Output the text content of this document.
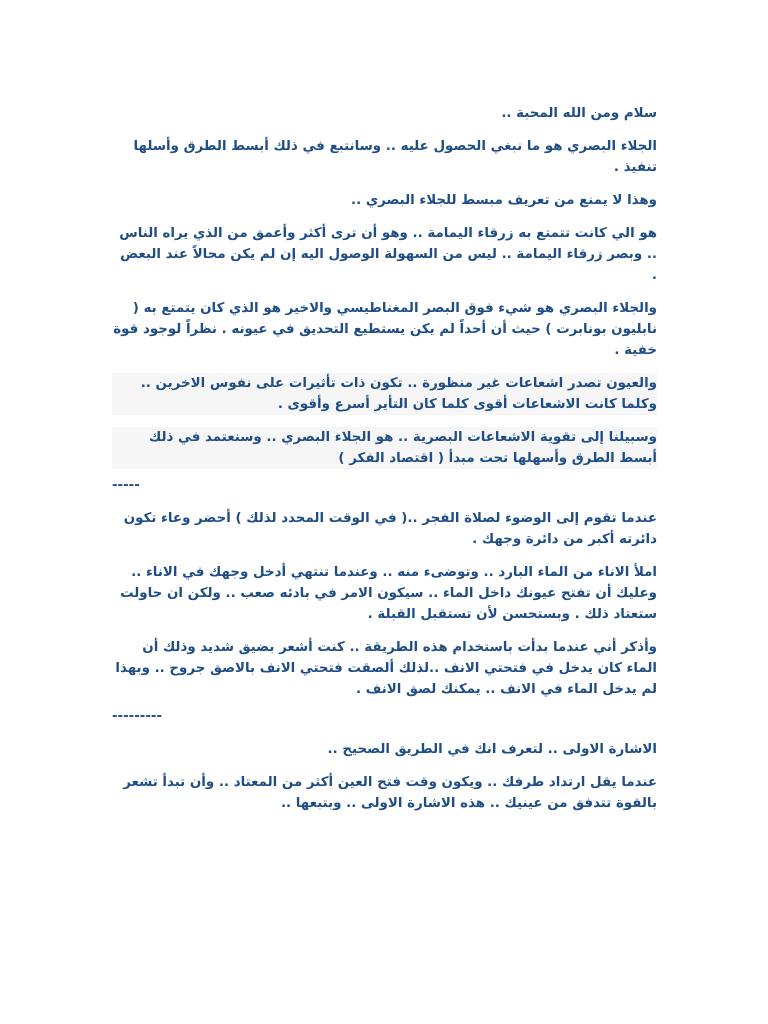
سلام ومن الله المحبة ..

الجلاء البصري هو ما نبغي الحصول عليه .. وسانتبع في ذلك أبسط الطرق وأسلها تنفيذ .

وهذا لا يمنع من تعريف مبسط للجلاء البصري ..

هو الي كانت تتمتع به زرقاء اليمامة .. وهو أن ترى أكثر وأعمق من الذي يراه الناس .. وبصر زرقاء اليمامة .. ليس من السهولة الوصول اليه إن لم يكن محالاً عند البعض .

والجلاء البصري هو شيء فوق البصر المغناطيسي والاخير هو الذي كان يتمتع به ( نابليون بونابرت ) حيث أن أحداً لم يكن يستطيع التحديق في عيونه . نظراً لوجود قوة خفية .

والعيون تصدر اشعاعات غير منظورة .. تكون ذات تأثيرات على نفوس الاخرين .. وكلما كانت الاشعاعات أقوى كلما كان التأير أسرع وأقوى .

وسبيلنا إلى تقوية الاشعاعات البصرية .. هو الجلاء البصري .. وسنعتمد في ذلك أبسط الطرق وأسهلها تحت مبدأ ( اقتصاد الفكر )

-----

عندما تقوم إلى الوضوء لصلاة الفجر ..( في الوقت المحدد لذلك ) أحضر وعاء تكون دائرته أكبر من دائرة وجهك .

املأ الاناء من الماء البارد .. وتوضىء منه .. وعندما تنتهي أدخل وجهك في الاناء .. وعليك أن تفتح عيونك داخل الماء .. سيكون الامر في بادئه صعب .. ولكن ان حاولت ستعتاد ذلك . وبستحسن لأن تستقبل القبلة .

وأذكر أني عندما بدأت باستخدام هذه الطريقة .. كنت أشعر بضيق شديد وذلك أن الماء كان يدخل في فتحتي الانف ..لذلك ألصقت فتحتي الانف بالاصق جروح .. وبهذا لم يدخل الماء في الانف .. يمكنك لصق الانف .

---------

الاشارة الاولى .. لتعرف انك في الطريق الصحيح ..

عندما يقل ارتداد طرفك .. ويكون وقت فتح العين أكثر من المعتاد .. وأن تبدأ تشعر بالقوة تتدفق من عينيك .. هذه الاشارة الاولى .. وبتبعها ..
